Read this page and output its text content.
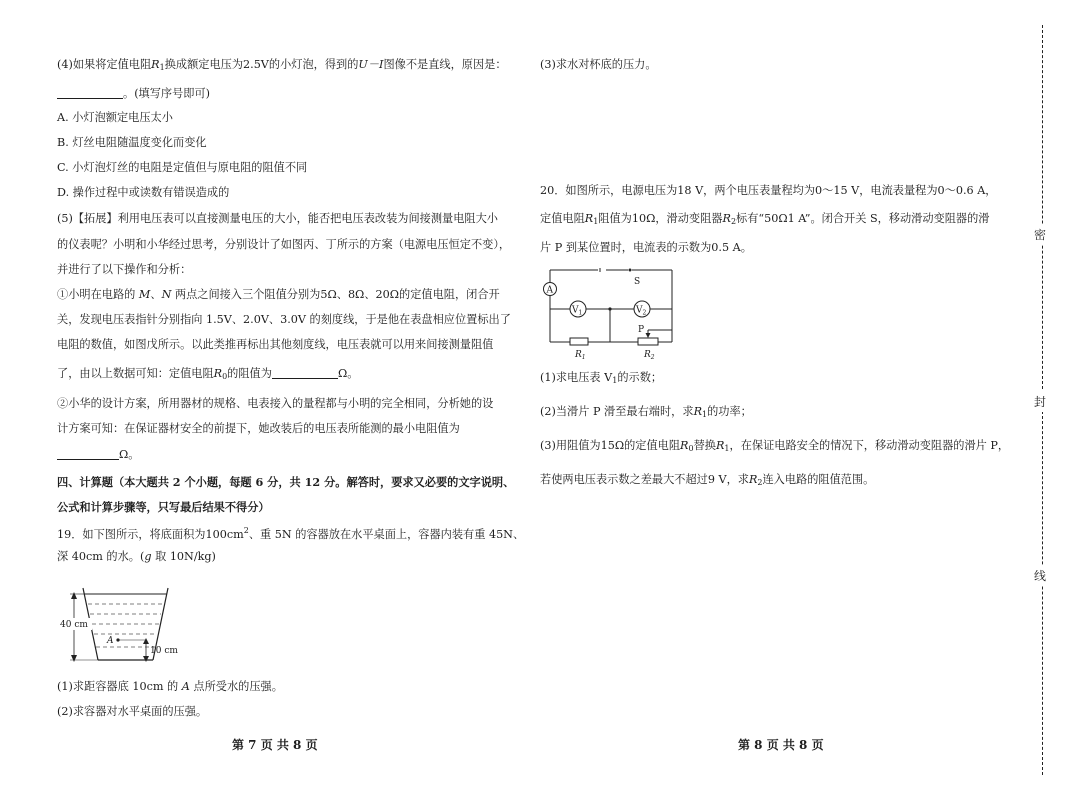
(4)如果将定值电阻$R_1$换成额定电压为2.5V的小灯泡，得到的U－I图像不是直线，原因是：
。(填写序号即可)
A. 小灯泡额定电压太小
B. 灯丝电阻随温度变化而变化
C. 小灯泡灯丝的电阻是定值但与原电阻的阻值不同
D. 操作过程中或读数有错误造成的
(5)【拓展】利用电压表可以直接测量电压的大小，能否把电压表改装为间接测量电阻大小
的仪表呢？小明和小华经过思考，分别设计了如图丙、丁所示的方案（电源电压恒定不变），
并进行了以下操作和分析：
①小明在电路的 M、N 两点之间接入三个阻值分别为5Ω、8Ω、20Ω的定值电阻，闭合开
关，发现电压表指针分别指向 1.5V、2.0V、3.0V 的刻度线，于是他在表盘相应位置标出了
电阻的数值，如图戊所示。以此类推再标出其他刻度线，电压表就可以用来间接测量阻值
了，由以上数据可知：定值电阻$R_0$的阻值为	Ω。
②小华的设计方案，所用器材的规格、电表接入的量程都与小明的完全相同，分析她的设
计方案可知：在保证器材安全的前提下，她改装后的电压表所能测的最小电阻值为
Ω。
四、计算题（本大题共 2 个小题，每题 6 分，共 12 分。解答时，要求又必要的文字说明、
公式和计算步骤等，只写最后结果不得分）
19．如下图所示，将底面积为$100cm^2$、重 5N 的容器放在水平桌面上，容器内装有重 45N、
深 40cm 的水。(g 取 10N/kg)
40 cm
A
10 cm
(1)求距容器底 10cm 的 A 点所受水的压强。
(2)求容器对水平桌面的压强。
第 7 页 共 8 页
(3)求水对杯底的压力。
20．如图所示，电源电压为18 V，两个电压表量程均为0～15 V，电流表量程为0～0.6 A，
定值电阻$R_1$阻值为10Ω，滑动变阻器$R_2$标有“50Ω1 A”。闭合开关 S，移动滑动变阻器的滑
片 P 到某位置时，电流表的示数为0.5 A。
S
A
$V_1$	$V_2$
P
$R_1$	$R_2$
(1)求电压表 $V_1$的示数；
(2)当滑片 P 滑至最右端时，求$R_1$的功率；
(3)用阻值为15Ω的定值电阻$R_0$替换$R_1$，在保证电路安全的情况下，移动滑动变阻器的滑片 P，
若使两电压表示数之差最大不超过9 V，求$R_2$连入电路的阻值范围。
第 8 页 共 8 页
密
封
线
